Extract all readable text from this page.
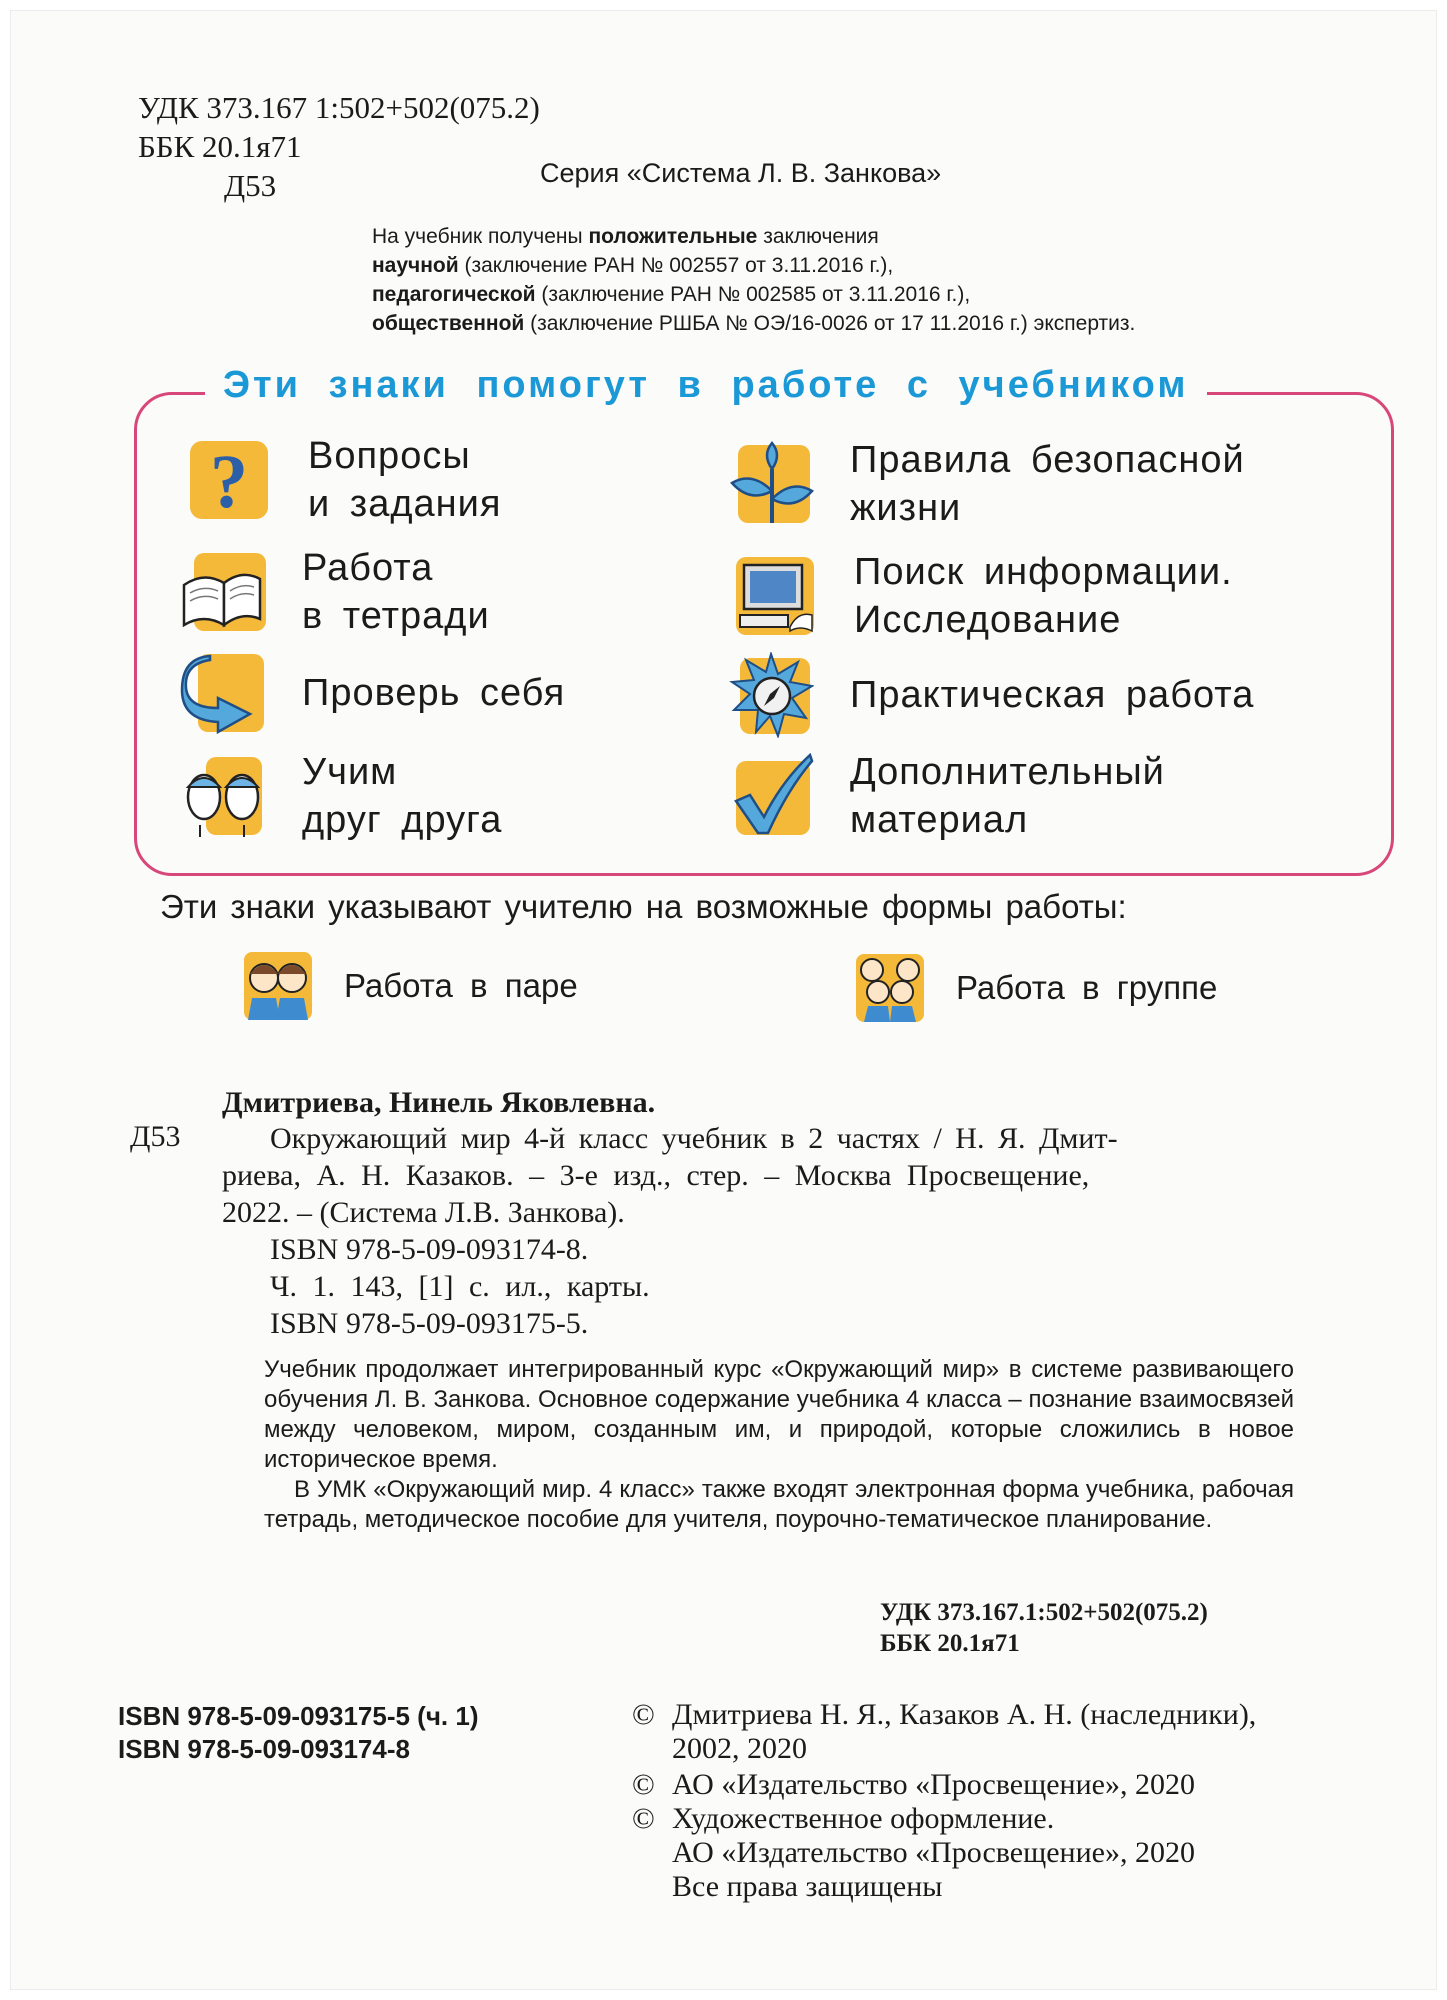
УДК 373.167 1:502+502(075.2)
ББК 20.1я71
Д53	Серия «Система Л. В. Занкова»
На учебник получены положительные заключения
научной (заключение РАН № 002557 от 3.11.2016 г.),
педагогической (заключение РАН № 002585 от 3.11.2016 г.),
общественной (заключение РШБА № ОЭ/16-0026 от 17 11.2016 г.) экспертиз.
Эти знаки помогут в работе с учебником
? Вопросы
и задания
Работа
в тетради
Проверь себя
Учим
друг друга
Правила безопасной
жизни
Поиск информации.
Исследование
Практическая работа
Дополнительный
материал
Эти знаки указывают учителю на возможные формы работы:
Работа в паре	Работа в группе
Дмитриева, Нинель Яковлевна.
Д53	Окружающий мир 4-й класс учебник в 2 частях / Н. Я. Дмит-
риева, А. Н. Казаков. – 3-е изд., стер. – Москва Просвещение,
2022. – (Система Л.В. Занкова).
ISBN 978-5-09-093174-8.
Ч. 1. 143, [1] с. ил., карты.
ISBN 978-5-09-093175-5.

Учебник продолжает интегрированный курс «Окружающий мир» в системе развивающего обучения Л. В. Занкова. Основное содержание учебника 4 класса – познание взаимосвязей между человеком, миром, созданным им, и природой, которые сложились в новое историческое время.

В УМК «Окружающий мир. 4 класс» также входят электронная форма учебника, рабочая тетрадь, методическое пособие для учителя, поурочно-тематическое планирование.

УДК 373.167.1:502+502(075.2)
ББК 20.1я71
ISBN 978-5-09-093175-5 (ч. 1)
ISBN 978-5-09-093174-8
© Дмитриева Н. Я., Казаков А. Н. (наследники),
2002, 2020
© АО «Издательство «Просвещение», 2020
© Художественное оформление.
АО «Издательство «Просвещение», 2020
Все права защищены
